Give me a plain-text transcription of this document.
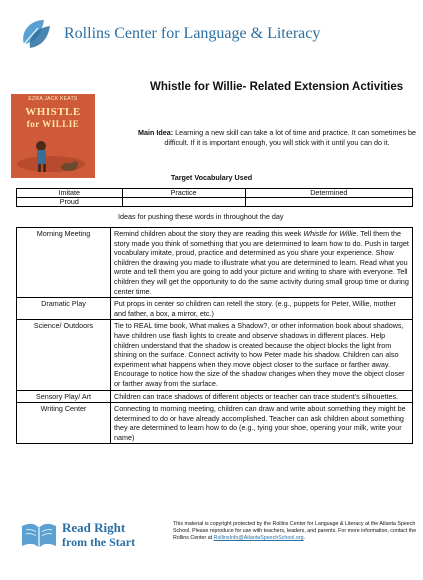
Rollins Center for Language & Literacy
Whistle for Willie- Related Extension Activities
EZRA JACK KEATS
WHISTLE
for WILLIE
Main Idea: Learning a new skill can take a lot of time and practice. It can sometimes be difficult. If it is important enough, you will stick with it until you can do it.
Target Vocabulary Used
Imitate	Practice	Determined
Proud		
Ideas for pushing these words in throughout the day
Morning Meeting	Remind children about the story they are reading this week Whistle for Willie. Tell them the story made you think of something that you are determined to learn how to do. Push in target vocabulary imitate, proud, practice and determined as you share your experience. Show children the drawing you made to illustrate what you are determined to learn. Read what you wrote and tell them you are going to add your picture and writing to share with everyone. Tell children they will get the opportunity to do the same activity during small group time or during center time.
Dramatic Play	Put props in center so children can retell the story. (e.g., puppets for Peter, Willie, mother and father, a box, a mirror, etc.)
Science/ Outdoors	Tie to REAL time book, What makes a Shadow?, or other information book about shadows, have children use flash lights to create and observe shadows in different places. Help children understand that the shadow is created because the object blocks the light from shining on the surface. Connect activity to how Peter made his shadow. Children can also experiment what happens when they move object closer to the surface or farther away. Encourage to notice how the size of the shadow changes when they move the object closer or farther away from the surface.
Sensory Play/ Art	Children can trace shadows of different objects or teacher can trace student's silhouettes.
Writing Center	Connecting to morning meeting, children can draw and write about something they might be determined to do or have already accomplished. Teacher can ask children about something they are determined to learn how to do (e.g., tying your shoe, opening your milk, write your name)
Read Right
from the Start
This material is copyright protected by the Rollins Center for Language & Literacy at the Atlanta Speech School. Please reproduce for use with teachers, leaders, and parents. For more information, contact the Rollins Center at RollinsInfo@AtlantaSpeechSchool.org.
